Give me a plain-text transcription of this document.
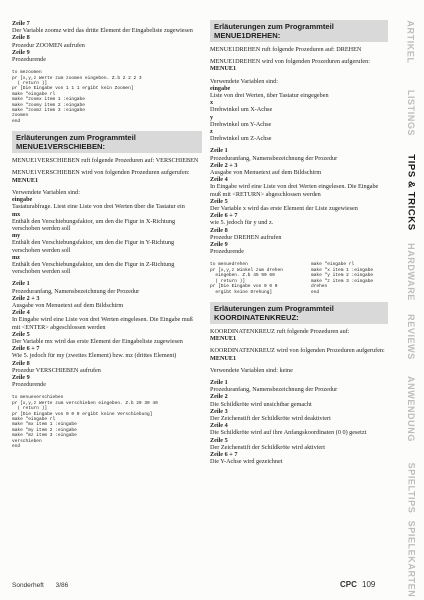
Zeile 7

Der Variable zoomz wird das dritte Element der Eingabeliste zugewiesen

Zeile 8

Prozedur ZOOMEN aufrufen

Zeile 9

Prozedurende

to mezoomen
pr [x,y,z Werte zum zoomen eingeben. Z.b 2 2 2 3
( return )]
pr [Die Eingabe von 1 1 1 ergibt kein Zoomen]
make "eingabe rl
make "zoomx item 1 :eingabe
make "zoomy item 2 :eingabe
make "zoomz item 3 :eingabe
zoomen
end
Erläuterungen zum Programmteil MENUE1VERSCHIEBEN:

MENUE1VERSCHIEBEN ruft folgende Prozeduren auf: VERSCHIEBEN

MENUE1VERSCHIEBEN wird von folgenden Prozeduren aufgerufen:

MENUE1

Verwendete Variablen sind:

eingabe

Tastaturabfrage. Liest eine Liste von drei Werten über die Tastatur ein

mx

Enthält den Verschiebungsfaktor, um den die Figur in X-Richtung verschoben werden soll

my

Enthält den Verschiebungsfaktor, um den die Figur in Y-Richtung verschoben werden soll

mz

Enthält den Verschiebungsfaktor, um den die Figur in Z-Richtung verschoben werden soll

Zeile 1

Prozeduranfang, Namensbezeichnung der Prozedur

Zeile 2 + 3

Ausgabe von Menuetext auf dem Bildschirm

Zeile 4

In Eingabe wird eine Liste von drei Werten eingelesen. Die Eingabe muß mit <ENTER> abgeschlossen werden

Zeile 5

Der Variable mx wird das erste Element der Eingabeliste zugewiesen

Zeile 6 + 7

Wie 5. jedoch für my (zweites Element) bzw. mz (drittes Element)

Zeile 8

Prozedur VERSCHIEBEN aufrufen

Zeile 9

Prozedurende

to menueverschieben
pr [x,y,z Werte zum verschieben eingeben. Z.b 20 30 40
( return )]
pr [Die Eingabe von 0 0 0 ergibt keine Verschiebung]
make "eingabe rl
make "mx item 1 :eingabe
make "my item 2 :eingabe
make "mz item 3 :eingabe
verschieben
end
Erläuterungen zum Programmteil MENUE1DREHEN:

MENUE1DREHEN ruft folgende Prozeduren auf: DREHEN

MENUE1DREHEN wird von folgenden Prozeduren aufgerufen:

MENUE1

Verwendete Variablen sind:

eingabe

Liste von drei Werten, über Tastatur eingegeben

x

Drehwinkel um X-Achse

y

Drehwinkel um Y-Achse

z

Drehwinkel um Z-Achse

Zeile 1

Prozeduranfang, Namensbezeichnung der Prozedur

Zeile 2 + 3

Ausgabe von Menuetext auf dem Bildschirm

Zeile 4

In Eingabe wird eine Liste von drei Werten eingelesen. Die Eingabe muß mit <RETURN> abgeschlossen werden

Zeile 5

Der Variable x wird das erste Element der Liste zugewiesen

Zeile 6 + 7

wie 5. jedoch für y und z.

Zeile 8

Prozedur DREHEN aufrufen

Zeile 9

Prozedurende

to menuedrehen
pr [x,y,z Winkel zum drehen
eingeben. Z.b 45 90 60
( return )]
pr [Die Eingabe von 0 0 0
ergibt keine Drehung]
make "eingabe rl
make "x item 1 :eingabe
make "y item 2 :eingabe
make "z item 3 :eingabe
drehen
end
Erläuterungen zum Programmteil KOORDINATENKREUZ:

KOORDINATENKREUZ ruft folgende Prozeduren auf:

MENUE1

KOORDINATENKREUZ wird von folgenden Prozeduren aufgerufen:

MENUE1

Verwendete Variablen sind: keine

Zeile 1

Prozeduranfang, Namensbezeichnung der Prozedur

Zeile 2

Die Schildkröte wird unsichtbar gemacht

Zeile 3

Der Zeichenstift der Schildkröte wird deaktiviert

Zeile 4

Die Schildkröte wird auf ihre Anfangskoordinaten (0 0) gesetzt

Zeile 5

Der Zeichenstift der Schildkröte wird aktiviert

Zeile 6 + 7

Die Y-Achse wird gezeichnet

ARTIKEL
LISTINGS
TIPS & TRICKS
HARDWARE
REVIEWS
ANWENDUNG
SPIELTIPS
SPIELEKARTEN
Sonderheft 3/86	CPC 109
